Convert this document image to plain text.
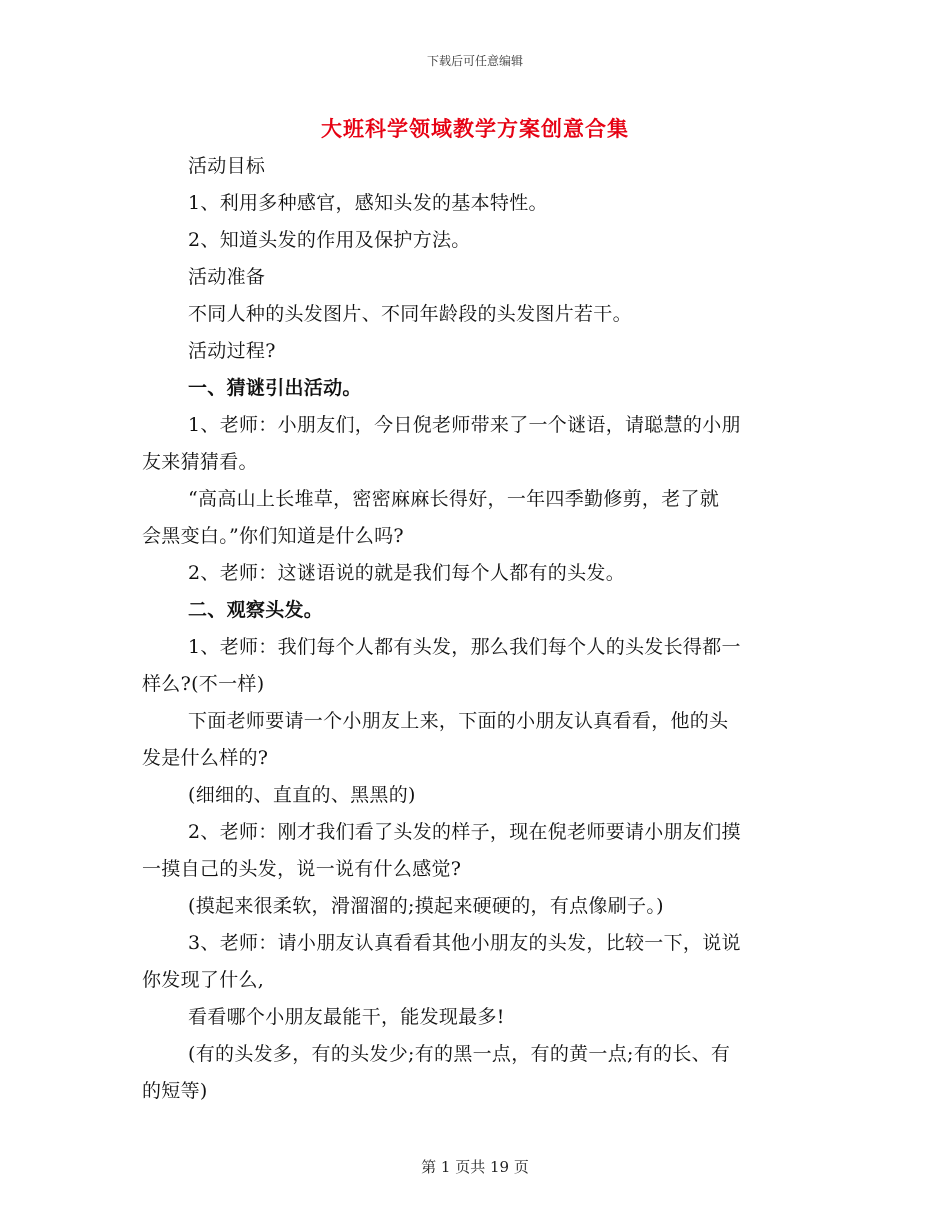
下载后可任意编辑
大班科学领域教学方案创意合集
活动目标
1、利用多种感官，感知头发的基本特性。
2、知道头发的作用及保护方法。
活动准备
不同人种的头发图片、不同年龄段的头发图片若干。
活动过程?
一、猜谜引出活动。
1、老师：小朋友们，今日倪老师带来了一个谜语，请聪慧的小朋
友来猜猜看。
“高高山上长堆草，密密麻麻长得好，一年四季勤修剪，老了就
会黑变白。”你们知道是什么吗?
2、老师：这谜语说的就是我们每个人都有的头发。
二、观察头发。
1、老师：我们每个人都有头发，那么我们每个人的头发长得都一
样么?(不一样)
下面老师要请一个小朋友上来，下面的小朋友认真看看，他的头
发是什么样的?
(细细的、直直的、黑黑的)
2、老师：刚才我们看了头发的样子，现在倪老师要请小朋友们摸
一摸自己的头发，说一说有什么感觉?
(摸起来很柔软，滑溜溜的;摸起来硬硬的，有点像刷子。)
3、老师：请小朋友认真看看其他小朋友的头发，比较一下，说说
你发现了什么,
看看哪个小朋友最能干，能发现最多!
(有的头发多，有的头发少;有的黑一点，有的黄一点;有的长、有
的短等)
第 1 页共 19 页
